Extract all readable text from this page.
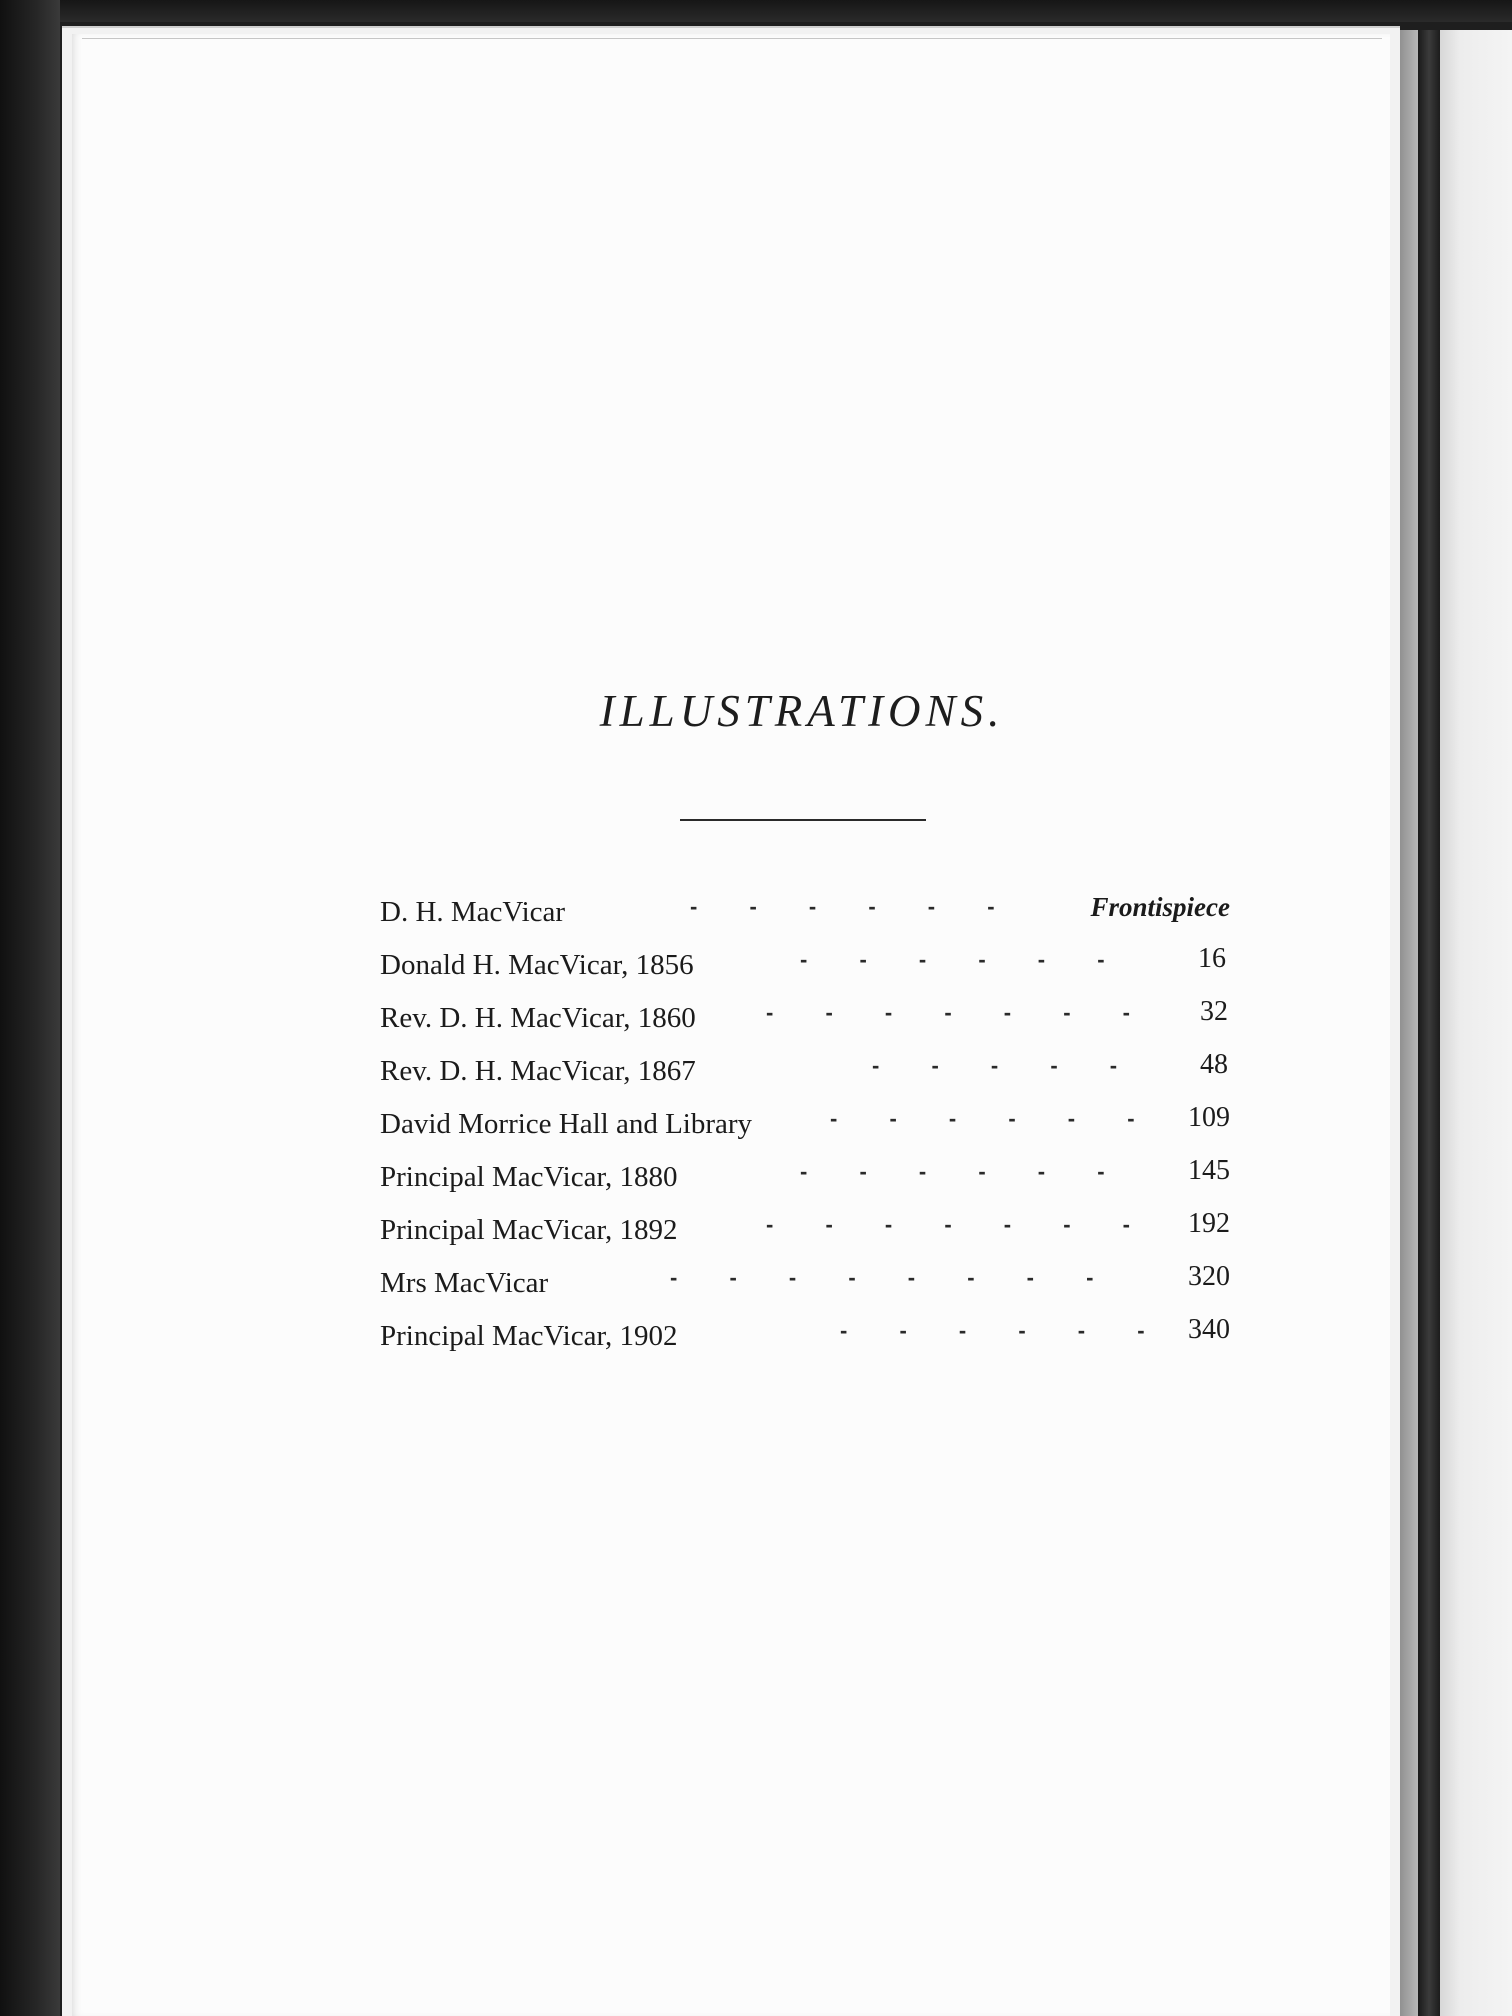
ILLUSTRATIONS.
D. H. MacVicar	- - - - - -	Frontispiece
Donald H. MacVicar, 1856	- - - - - -	16
Rev. D. H. MacVicar, 1860	- - - - - - -	32
Rev. D. H. MacVicar, 1867	- - - - -	48
David Morrice Hall and Library	- - - - - - 109
Principal MacVicar, 1880	- - - - - -	145
Principal MacVicar, 1892	- - - - - - - 192
Mrs MacVicar	- - - - - - - -	320
Principal MacVicar, 1902	- - - - - - 340
